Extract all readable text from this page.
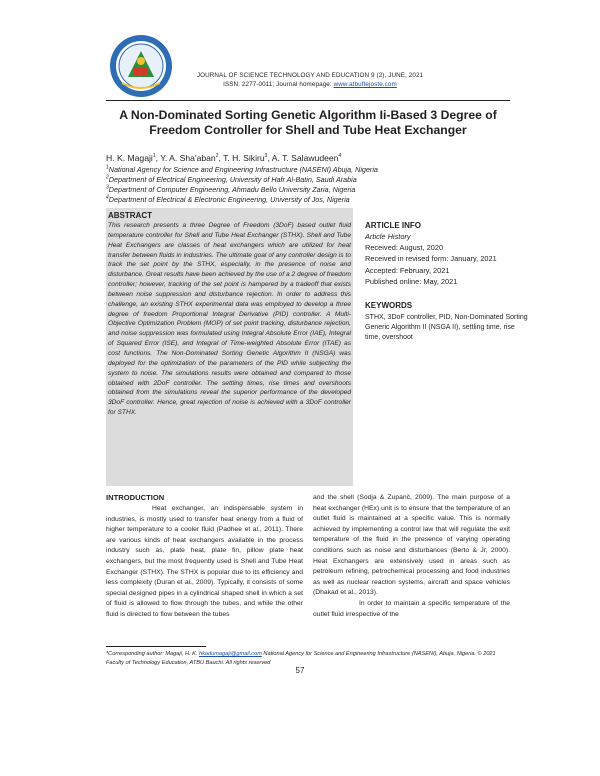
JOURNAL OF SCIENCE TECHNOLOGY AND EDUCATION 9 (2), JUNE, 2021
ISSN: 2277-0011; Journal homepage: www.atbuftejoste.com
A Non-Dominated Sorting Genetic Algorithm Ii-Based 3 Degree of Freedom Controller for Shell and Tube Heat Exchanger
H. K. Magaji$^1$, Y. A. Sha'aban$^2$, T. H. Sikiru$^3$, A. T. Salawudeen$^4$
$^1$National Agency for Science and Engineering Infrastructure (NASENI) Abuja, Nigeria
$^2$Department of Electrical Engineering, University of Hafr Al-Batin, Saudi Arabia
$^3$Department of Computer Engineering, Ahmadu Bello University Zaria, Nigeria
$^4$Department of Electrical & Electronic Engineering, University of Jos, Nigeria
ABSTRACT
This research presents a three Degree of Freedom (3DoF) based outlet fluid temperature controller for Shell and Tube Heat Exchanger (STHX). Shell and Tube Heat Exchangers are classes of heat exchangers which are utilized for heat transfer between fluids in industries. The ultimate goal of any controller design is to track the set point by the STHX, especially, in the presence of noise and disturbance. Great results have been achieved by the use of a 2 degree of freedom controller; however, tracking of the set point is hampered by a tradeoff that exists between noise suppression and disturbance rejection. In order to address this challenge, an existing STHX experimental data was employed to develop a three degree of freedom Proportional Integral Derivative (PID) controller. A Multi-Objective Optimization Problem (MOP) of set point tracking, disturbance rejection, and noise suppression was formulated using Integral Absolute Error (IAE), Integral of Squared Error (ISE), and Integral of Time-weighted Absolute Error (ITAE) as cost functions. The Non-Dominated Sorting Genetic Algorithm II (NSGA) was deployed for the optimization of the parameters of the PID while subjecting the system to noise. The simulations results were obtained and compared to those obtained with 2DoF controller. The settling times, rise times and overshoots obtained from the simulations reveal the superior performance of the developed 3DoF controller. Hence, great rejection of noise is achieved with a 3DoF controller for STHX.
ARTICLE INFO
Article History
Received: August, 2020
Received in revised form: January, 2021
Accepted: February, 2021
Published online: May, 2021
KEYWORDS
STHX, 3DoF controller, PID, Non-Dominated Sorting Generic Algorithm II (NSGA II), settling time, rise time, overshoot
INTRODUCTION
Heat exchanger, an indispensable system in industries, is mostly used to transfer heat energy from a fluid of higher temperature to a cooler fluid (Padhee et al., 2011). There are various kinds of heat exchangers available in the process industry such as, plate heat, plate fin, pillow plate heat exchangers, but the most frequently used is Shell and Tube Heat Exchanger (STHX). The STHX is popular due to its efficiency and less complexity (Duran et al., 2009). Typically, it consists of some special designed pipes in a cylindrical shaped shell in which a set of fluid is allowed to flow through the tubes, and while the other fluid is directed to flow between the tubes
and the shell (Sodja & Zupanč, 2009). The main purpose of a heat exchanger (HEx) unit is to ensure that the temperature of an outlet fluid is maintained at a specific value. This is normally achieved by implementing a control law that will regulate the exit temperature of the fluid in the presence of varying operating conditions such as noise and disturbances (Berto & Jr, 2000). Heat Exchangers are extensively used in areas such as petroleum refining, petrochemical processing and food industries as well as nuclear reaction systems, aircraft and space vehicles (Dhakad et al., 2013).
In order to maintain a specific temperature of the outlet fluid irrespective of the
*Corresponding author: Magaji, H. K. hkadumagaji@gmail.com National Agency for Science and Engineering Infrastructure (NASENI), Abuja, Nigeria. © 2021 Faculty of Technology Education, ATBU Bauchi. All rights reserved
57
